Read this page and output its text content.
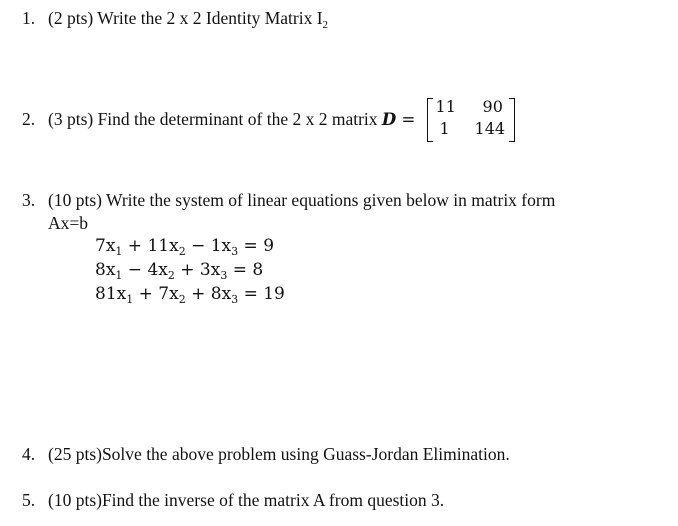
1. (2 pts) Write the 2 x 2 Identity Matrix $I_2$
2. (3 pts) Find the determinant of the 2 x 2 matrix D =
11 90
1 144
3. (10 pts) Write the system of linear equations given below in matrix form
Ax=b
$7x_1 + 11x_2 - 1x_3 = 9$
$8x_1 - 4x_2 + 3x_3 = 8$
$81x_1 + 7x_2 + 8x_3 = 19$
4. (25 pts)Solve the above problem using Guass-Jordan Elimination.
5. (10 pts)Find the inverse of the matrix A from question 3.
